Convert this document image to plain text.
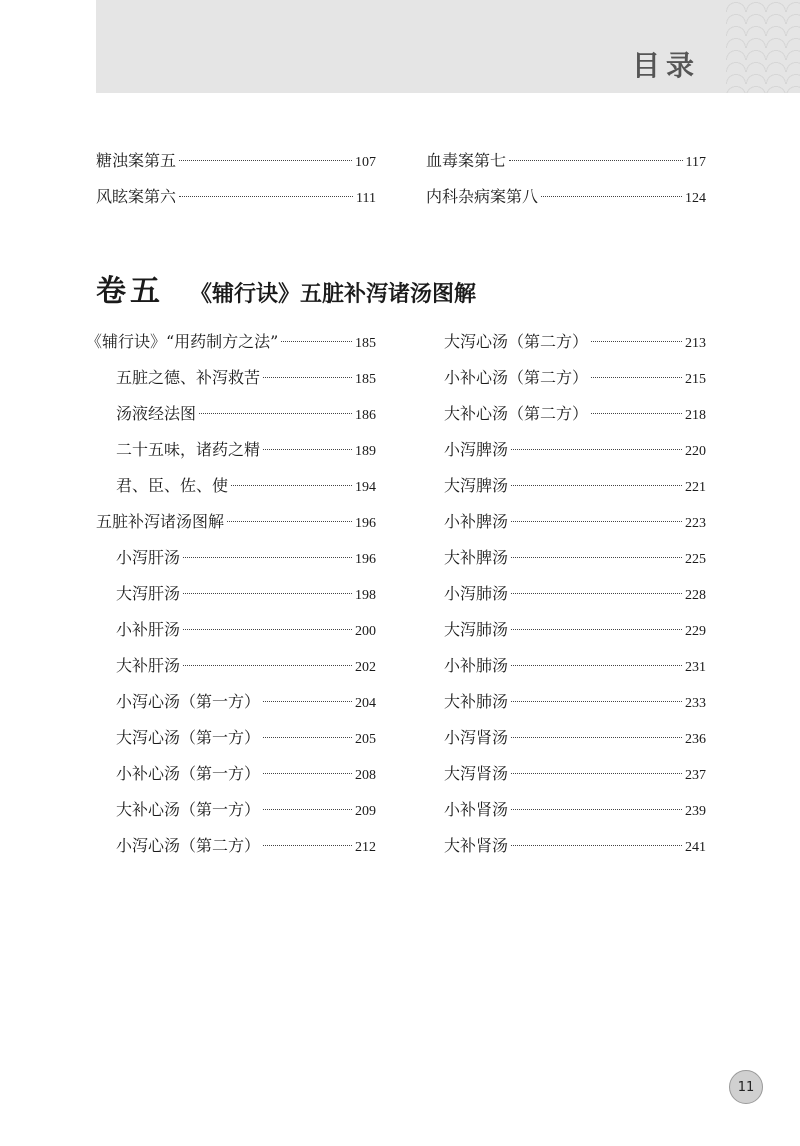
目录
糖浊案第五	107	血毒案第七	117
风眩案第六	111	内科杂病案第八	124
卷五 《辅行诀》五脏补泻诸汤图解
《辅行诀》“用药制方之法”	185
五脏之德、补泻救苦	185
汤液经法图	186
二十五味，诸药之精	189
君、臣、佐、使	194
五脏补泻诸汤图解	196
小泻肝汤	196
大泻肝汤	198
小补肝汤	200
大补肝汤	202
小泻心汤（第一方）	204
大泻心汤（第一方）	205
小补心汤（第一方）	208
大补心汤（第一方）	209
小泻心汤（第二方）	212
大泻心汤（第二方）	213
小补心汤（第二方）	215
大补心汤（第二方）	218
小泻脾汤	220
大泻脾汤	221
小补脾汤	223
大补脾汤	225
小泻肺汤	228
大泻肺汤	229
小补肺汤	231
大补肺汤	233
小泻肾汤	236
大泻肾汤	237
小补肾汤	239
大补肾汤	241
11
